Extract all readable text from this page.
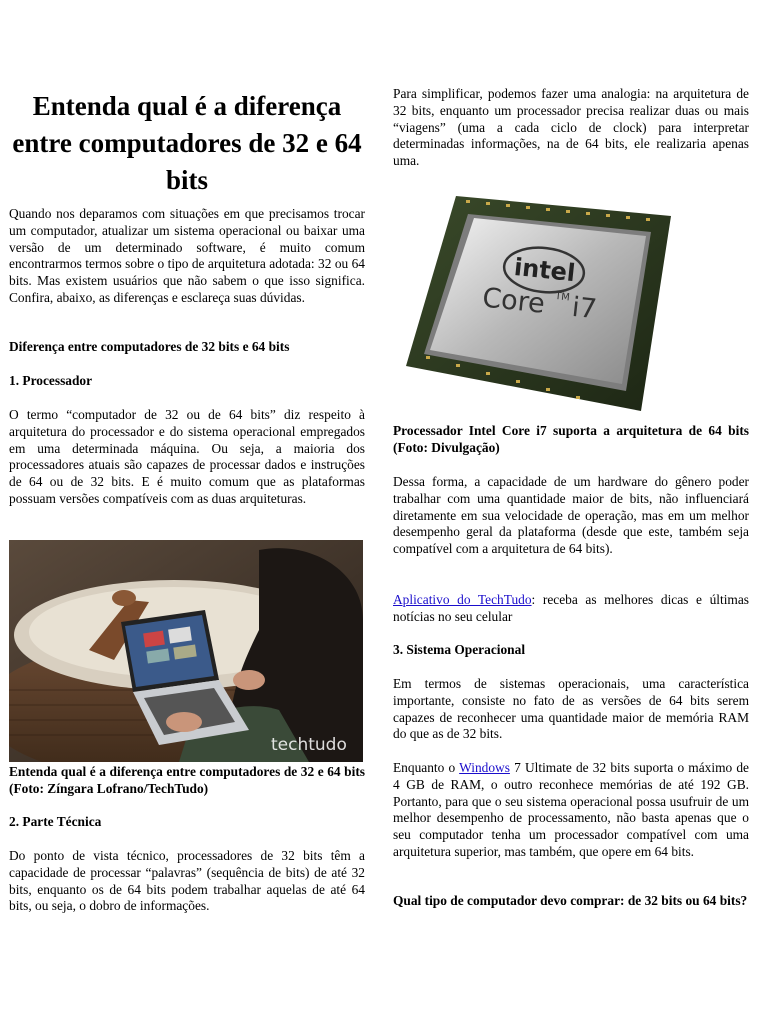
Entenda qual é a diferença entre computadores de 32 e 64 bits

Quando nos deparamos com situações em que precisamos trocar um computador, atualizar um sistema operacional ou baixar uma versão de um determinado software, é muito comum encontrarmos termos sobre o tipo de arquitetura adotada: 32 ou 64 bits. Mas existem usuários que não sabem o que isso significa. Confira, abaixo, as diferenças e esclareça suas dúvidas.

Diferença entre computadores de 32 bits e 64 bits

1. Processador

O termo “computador de 32 ou de 64 bits” diz respeito à arquitetura do processador e do sistema operacional empregados em uma determinada máquina. Ou seja, a maioria dos processadores atuais são capazes de processar dados e instruções de 64 ou de 32 bits. E é muito comum que as plataformas possuam versões compatíveis com as duas arquiteturas.

techtudo

Entenda qual é a diferença entre computadores de 32 e 64 bits (Foto: Zíngara Lofrano/TechTudo)

2. Parte Técnica

Do ponto de vista técnico, processadores de 32 bits têm a capacidade de processar “palavras” (sequência de bits) de até 32 bits, enquanto os de 64 bits podem trabalhar aquelas de até 64 bits, ou seja, o dobro de informações.

Para simplificar, podemos fazer uma analogia: na arquitetura de 32 bits, enquanto um processador precisa realizar duas ou mais “viagens” (uma a cada ciclo de clock) para interpretar determinadas informações, na de 64 bits, ele realizaria apenas uma.

intel
Core TM i7

Processador Intel Core i7 suporta a arquitetura de 64 bits (Foto: Divulgação)

Dessa forma, a capacidade de um hardware do gênero poder trabalhar com uma quantidade maior de bits, não influenciará diretamente em sua velocidade de operação, mas em um melhor desempenho geral da plataforma (desde que este, também seja compatível com a arquitetura de 64 bits).

Aplicativo do TechTudo: receba as melhores dicas e últimas notícias no seu celular

3. Sistema Operacional

Em termos de sistemas operacionais, uma característica importante, consiste no fato de as versões de 64 bits serem capazes de reconhecer uma quantidade maior de memória RAM do que as de 32 bits.

Enquanto o Windows 7 Ultimate de 32 bits suporta o máximo de 4 GB de RAM, o outro reconhece memórias de até 192 GB. Portanto, para que o seu sistema operacional possa usufruir de um melhor desempenho de processamento, não basta apenas que o seu computador tenha um processador compatível com uma arquitetura superior, mas também, que opere em 64 bits.

Qual tipo de computador devo comprar: de 32 bits ou 64 bits?
